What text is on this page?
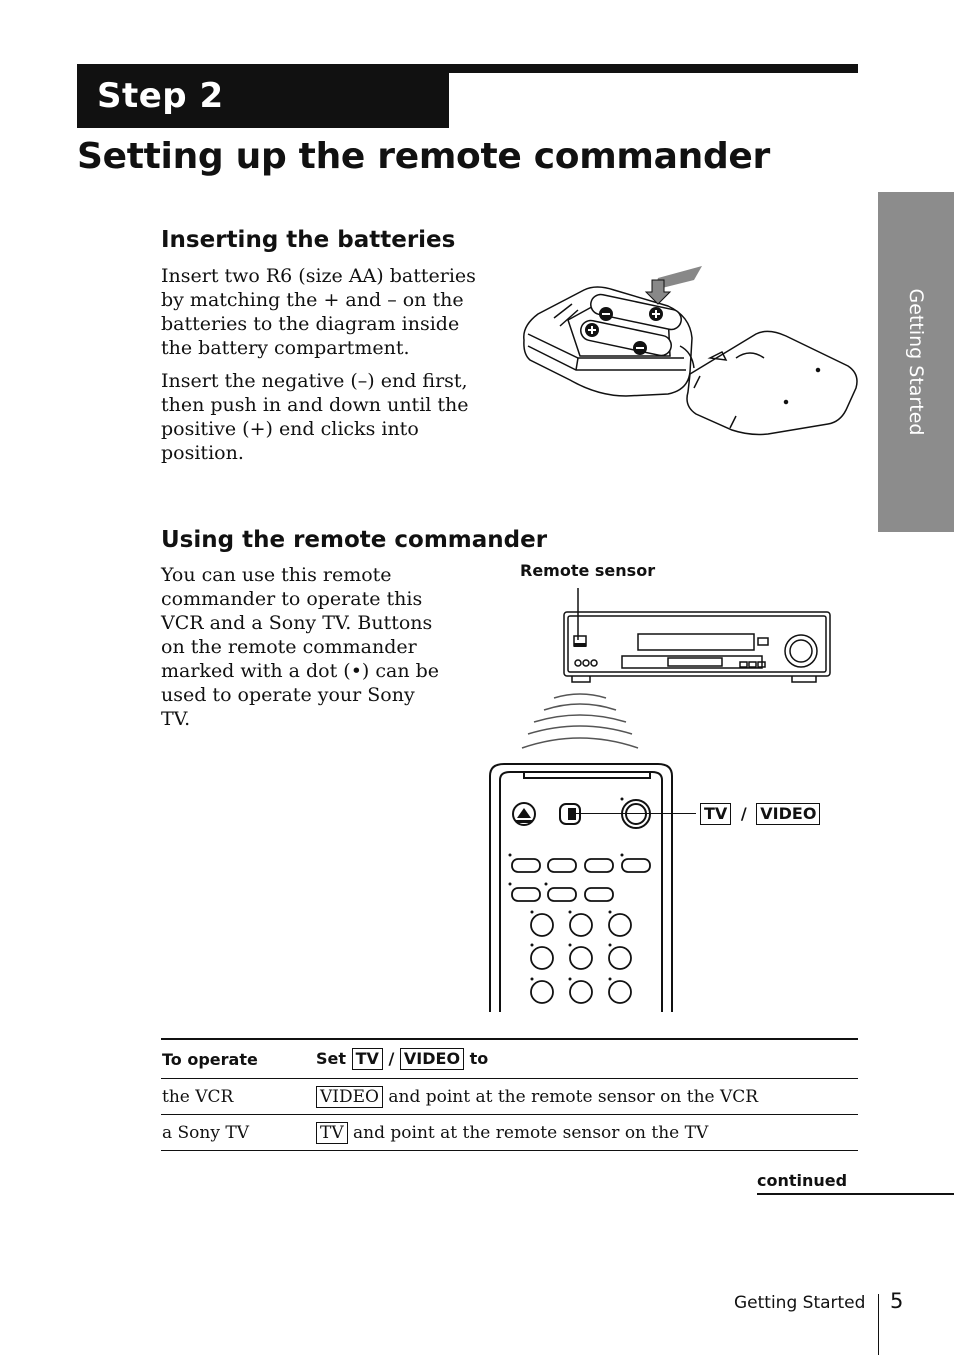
Step 2
Setting up the remote commander
Getting Started
Inserting the batteries

Insert two R6 (size AA) batteries by matching the + and – on the batteries to the diagram inside the battery compartment.

Insert the negative (–) end first, then push in and down until the positive (+) end clicks into position.

Using the remote commander
You can use this remote commander to operate this VCR and a Sony TV. Buttons on the remote commander marked with a dot (•) can be used to operate your Sony TV.
Remote sensor
TV / VIDEO
To operate	Set TV / VIDEO to
the VCR	VIDEO and point at the remote sensor on the VCR
a Sony TV	TV and point at the remote sensor on the TV
continued
Getting Started 5
